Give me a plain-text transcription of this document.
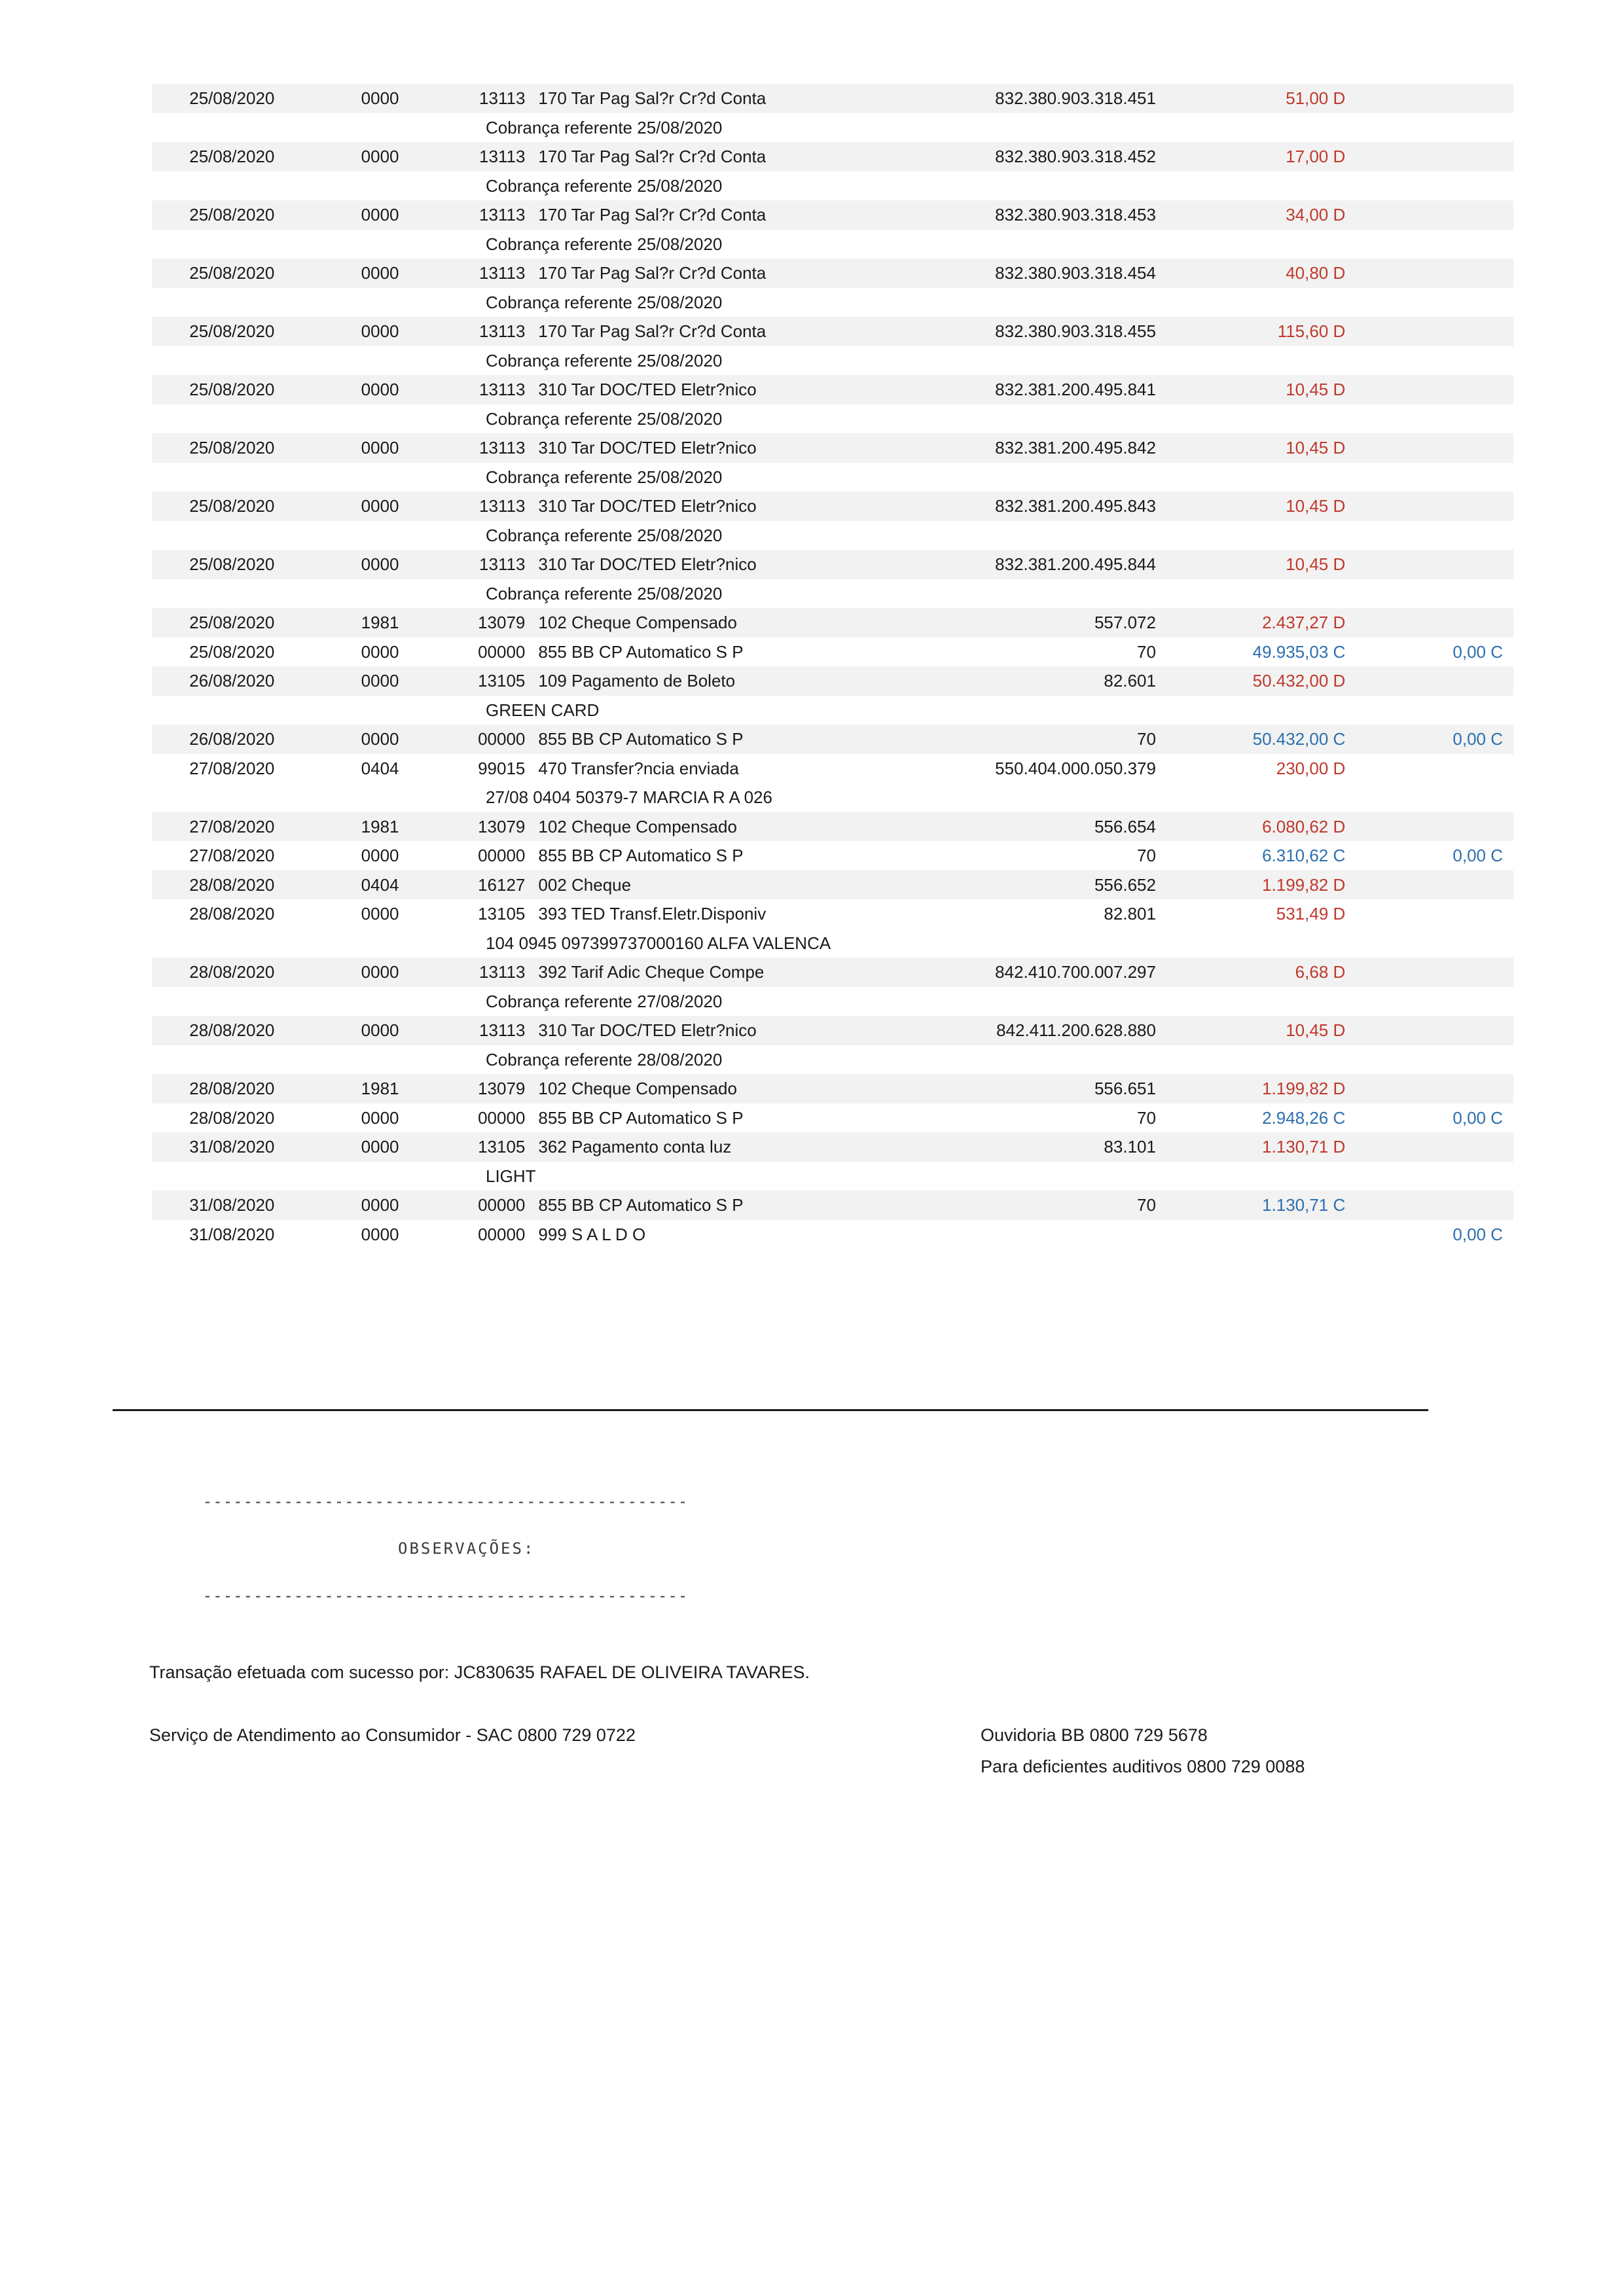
25/08/2020	0000	13113	170 Tar Pag Sal?r Cr?d Conta	832.380.903.318.451	51,00 D	
Cobrança referente 25/08/2020						
25/08/2020	0000	13113	170 Tar Pag Sal?r Cr?d Conta	832.380.903.318.452	17,00 D	
Cobrança referente 25/08/2020						
25/08/2020	0000	13113	170 Tar Pag Sal?r Cr?d Conta	832.380.903.318.453	34,00 D	
Cobrança referente 25/08/2020						
25/08/2020	0000	13113	170 Tar Pag Sal?r Cr?d Conta	832.380.903.318.454	40,80 D	
Cobrança referente 25/08/2020						
25/08/2020	0000	13113	170 Tar Pag Sal?r Cr?d Conta	832.380.903.318.455	115,60 D	
Cobrança referente 25/08/2020						
25/08/2020	0000	13113	310 Tar DOC/TED Eletr?nico	832.381.200.495.841	10,45 D	
Cobrança referente 25/08/2020						
25/08/2020	0000	13113	310 Tar DOC/TED Eletr?nico	832.381.200.495.842	10,45 D	
Cobrança referente 25/08/2020						
25/08/2020	0000	13113	310 Tar DOC/TED Eletr?nico	832.381.200.495.843	10,45 D	
Cobrança referente 25/08/2020						
25/08/2020	0000	13113	310 Tar DOC/TED Eletr?nico	832.381.200.495.844	10,45 D	
Cobrança referente 25/08/2020						
25/08/2020	1981	13079	102 Cheque Compensado	557.072	2.437,27 D	
25/08/2020	0000	00000	855 BB CP Automatico S P	70	49.935,03 C	0,00 C
26/08/2020	0000	13105	109 Pagamento de Boleto	82.601	50.432,00 D	
GREEN CARD						
26/08/2020	0000	00000	855 BB CP Automatico S P	70	50.432,00 C	0,00 C
27/08/2020	0404	99015	470 Transfer?ncia enviada	550.404.000.050.379	230,00 D	
27/08 0404 50379-7 MARCIA R A 026						
27/08/2020	1981	13079	102 Cheque Compensado	556.654	6.080,62 D	
27/08/2020	0000	00000	855 BB CP Automatico S P	70	6.310,62 C	0,00 C
28/08/2020	0404	16127	002 Cheque	556.652	1.199,82 D	
28/08/2020	0000	13105	393 TED Transf.Eletr.Disponiv	82.801	531,49 D	
104 0945 097399737000160 ALFA VALENCA						
28/08/2020	0000	13113	392 Tarif Adic Cheque Compe	842.410.700.007.297	6,68 D	
Cobrança referente 27/08/2020						
28/08/2020	0000	13113	310 Tar DOC/TED Eletr?nico	842.411.200.628.880	10,45 D	
Cobrança referente 28/08/2020						
28/08/2020	1981	13079	102 Cheque Compensado	556.651	1.199,82 D	
28/08/2020	0000	00000	855 BB CP Automatico S P	70	2.948,26 C	0,00 C
31/08/2020	0000	13105	362 Pagamento conta luz	83.101	1.130,71 D	
LIGHT						
31/08/2020	0000	00000	855 BB CP Automatico S P	70	1.130,71 C	
31/08/2020	0000	00000	999 S A L D O			0,00 C

------------------------------------------------

OBSERVAÇÕES:

------------------------------------------------

Transação efetuada com sucesso por: JC830635 RAFAEL DE OLIVEIRA TAVARES.
Serviço de Atendimento ao Consumidor - SAC 0800 729 0722	Ouvidoria BB 0800 729 5678
Para deficientes auditivos 0800 729 0088
